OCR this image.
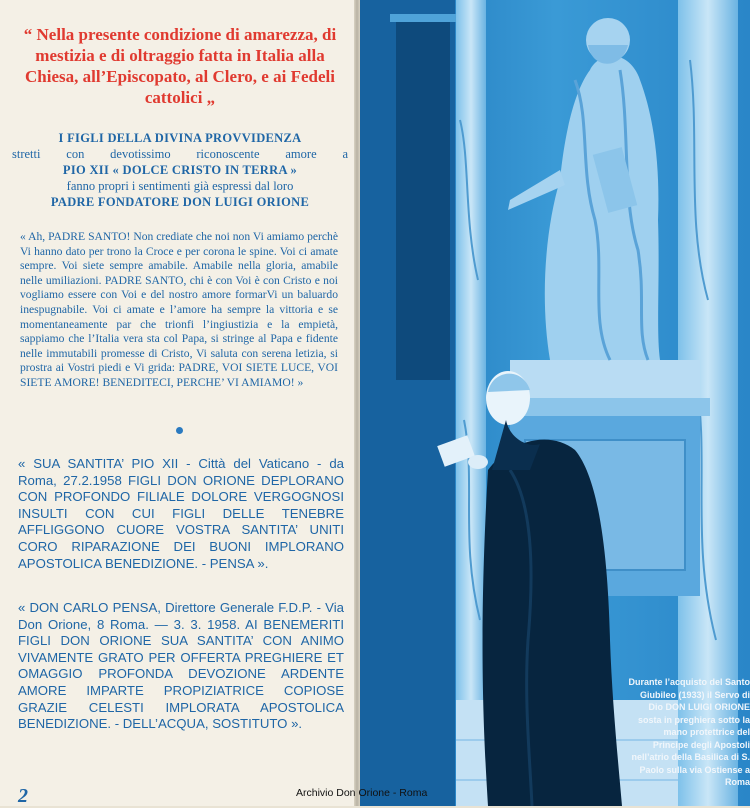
“ Nella presente condizione di amarezza, di mestizia e di oltraggio fatta in Italia alla Chiesa, all’Episcopato, al Clero, e ai Fedeli cattolici „

I FIGLI DELLA DIVINA PROVVIDENZA
stretti con devotissimo riconoscente amore a
PIO XII « DOLCE CRISTO IN TERRA »
fanno propri i sentimenti già espressi dal loro
PADRE FONDATORE DON LUIGI ORIONE

« Ah, PADRE SANTO! Non crediate che noi non Vi amiamo perchè Vi hanno dato per trono la Croce e per corona le spine. Voi ci amate sempre. Voi siete sempre amabile. Amabile nella gloria, amabile nelle umiliazioni. PADRE SANTO, chi è con Voi è con Cristo e noi vogliamo essere con Voi e del nostro amore formarVi un baluardo inespugnabile. Voi ci amate e l’amore ha sempre la vittoria e se momentaneamente par che trionfi l’ingiustizia e la empietà, sappiamo che l’Italia vera sta col Papa, si stringe al Papa e fidente nelle immutabili promesse di Cristo, Vi saluta con serena letizia, si prostra ai Vostri piedi e Vi grida: PADRE, VOI SIETE LUCE, VOI SIETE AMORE! BENEDITECI, PERCHE’ VI AMIAMO! »

« SUA SANTITA’ PIO XII - Città del Vaticano - da Roma, 27.2.1958 FIGLI DON ORIONE DEPLORANO CON PROFONDO FILIALE DOLORE VERGOGNOSI INSULTI CON CUI FIGLI DELLE TENEBRE AFFLIGGONO CUORE VOSTRA SANTITA’ UNITI CORO RIPARAZIONE DEI BUONI IMPLORANO APOSTOLICA BENEDIZIONE. - PENSA ».

« DON CARLO PENSA, Direttore Generale F.D.P. - Via Don Orione, 8 Roma. — 3. 3. 1958. AI BENEMERITI FIGLI DON ORIONE SUA SANTITA’ CON ANIMO VIVAMENTE GRATO PER OFFERTA PREGHIERE ET OMAGGIO PROFONDA DEVOZIONE ARDENTE AMORE IMPARTE PROPIZIATRICE COPIOSE GRAZIE CELESTI IMPLORATA APOSTOLICA BENEDIZIONE. - DELL’ACQUA, SOSTITUTO ».

2

Durante l’acquisto del Santo Giubileo (1933) il Servo di Dio DON LUIGI ORIONE sosta in preghiera sotto la mano protettrice del Principe degli Apostoli nell’atrio della Basilica di S. Paolo sulla via Ostiense a Roma

Archivio Don Orione - Roma
